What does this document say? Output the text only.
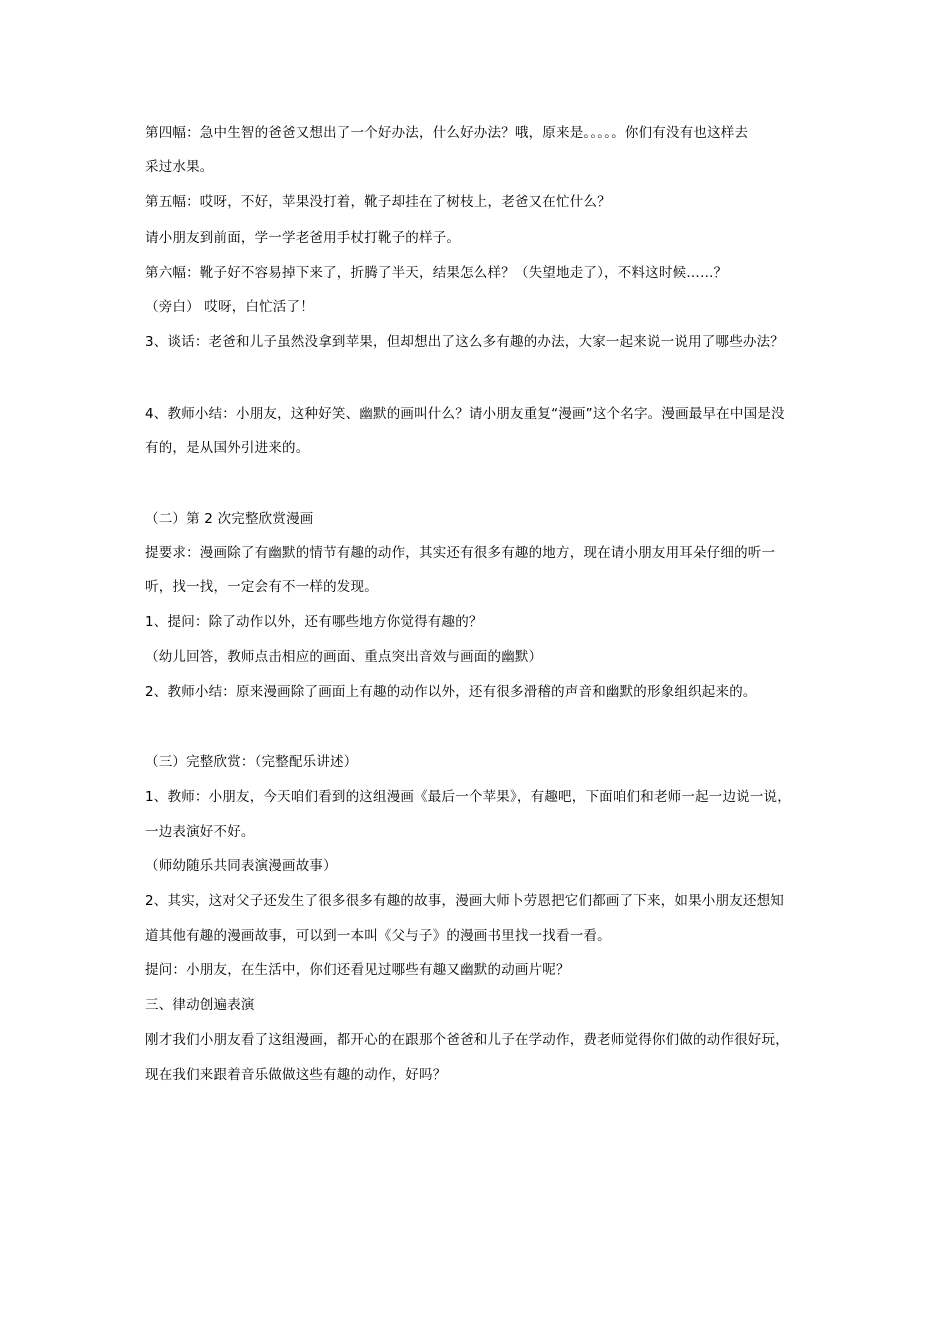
第四幅：急中生智的爸爸又想出了一个好办法，什么好办法？哦，原来是。。。。。你们有没有也这样去
采过水果。
第五幅：哎呀，不好，苹果没打着，靴子却挂在了树枝上，老爸又在忙什么？
请小朋友到前面，学一学老爸用手杖打靴子的样子。
第六幅：靴子好不容易掉下来了，折腾了半天，结果怎么样？（失望地走了），不料这时候……？
（旁白） 哎呀，白忙活了！
3、谈话：老爸和儿子虽然没拿到苹果，但却想出了这么多有趣的办法，大家一起来说一说用了哪些办法？
4、教师小结：小朋友，这种好笑、幽默的画叫什么？请小朋友重复“漫画”这个名字。漫画最早在中国是没
有的，是从国外引进来的。
（二）第 2 次完整欣赏漫画
提要求：漫画除了有幽默的情节有趣的动作，其实还有很多有趣的地方，现在请小朋友用耳朵仔细的听一
听，找一找，一定会有不一样的发现。
1、提问：除了动作以外，还有哪些地方你觉得有趣的？
（幼儿回答，教师点击相应的画面、重点突出音效与画面的幽默）
2、教师小结：原来漫画除了画面上有趣的动作以外，还有很多滑稽的声音和幽默的形象组织起来的。
（三）完整欣赏：（完整配乐讲述）
1、教师：小朋友，今天咱们看到的这组漫画《最后一个苹果》，有趣吧，下面咱们和老师一起一边说一说，
一边表演好不好。
（师幼随乐共同表演漫画故事）
2、其实，这对父子还发生了很多很多有趣的故事，漫画大师卜劳恩把它们都画了下来，如果小朋友还想知
道其他有趣的漫画故事，可以到一本叫《父与子》的漫画书里找一找看一看。
提问：小朋友，在生活中，你们还看见过哪些有趣又幽默的动画片呢？
三、律动创遍表演
刚才我们小朋友看了这组漫画，都开心的在跟那个爸爸和儿子在学动作，费老师觉得你们做的动作很好玩，
现在我们来跟着音乐做做这些有趣的动作，好吗？
